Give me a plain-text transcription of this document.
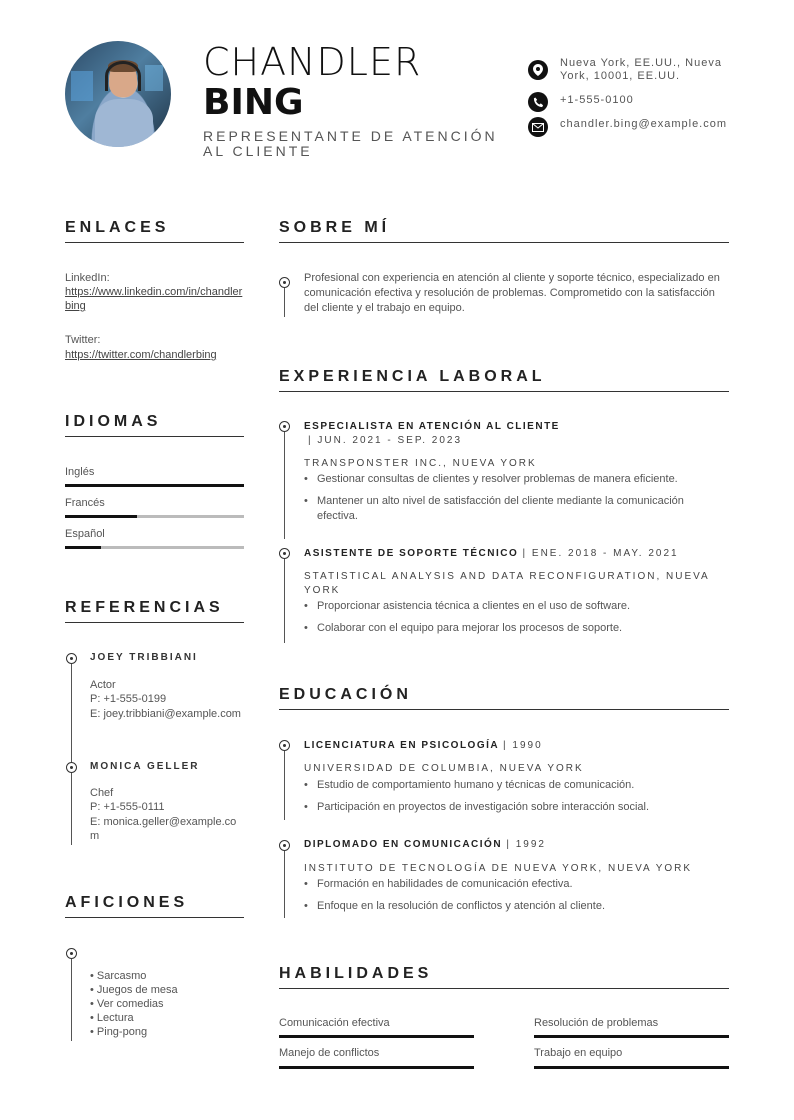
CHANDLER
BING
REPRESENTANTE DE ATENCIÓN AL CLIENTE
Nueva York, EE.UU., Nueva York, 10001, EE.UU.
+1-555-0100
chandler.bing@example.com
ENLACES
LinkedIn:
https://www.linkedin.com/in/chandlerbing
Twitter:
https://twitter.com/chandlerbing
IDIOMAS
Inglés
Francés
Español
REFERENCIAS
JOEY TRIBBIANI
Actor
P: +1-555-0199
E: joey.tribbiani@example.com
MONICA GELLER
Chef
P: +1-555-0111
E: monica.geller@example.com
AFICIONES
• Sarcasmo
• Juegos de mesa
• Ver comedias
• Lectura
• Ping-pong
SOBRE MÍ
Profesional con experiencia en atención al cliente y soporte técnico, especializado en comunicación efectiva y resolución de problemas. Comprometido con la satisfacción del cliente y el trabajo en equipo.
EXPERIENCIA LABORAL
ESPECIALISTA EN ATENCIÓN AL CLIENTE
| JUN. 2021 - SEP. 2023
TRANSPONSTER INC., NUEVA YORK
• Gestionar consultas de clientes y resolver problemas de manera eficiente.
• Mantener un alto nivel de satisfacción del cliente mediante la comunicación efectiva.
ASISTENTE DE SOPORTE TÉCNICO | ENE. 2018 - MAY. 2021
STATISTICAL ANALYSIS AND DATA RECONFIGURATION, NUEVA YORK
• Proporcionar asistencia técnica a clientes en el uso de software.
• Colaborar con el equipo para mejorar los procesos de soporte.
EDUCACIÓN
LICENCIATURA EN PSICOLOGÍA | 1990
UNIVERSIDAD DE COLUMBIA, NUEVA YORK
• Estudio de comportamiento humano y técnicas de comunicación.
• Participación en proyectos de investigación sobre interacción social.
DIPLOMADO EN COMUNICACIÓN | 1992
INSTITUTO DE TECNOLOGÍA DE NUEVA YORK, NUEVA YORK
• Formación en habilidades de comunicación efectiva.
• Enfoque en la resolución de conflictos y atención al cliente.
HABILIDADES
Comunicación efectiva	Resolución de problemas
Manejo de conflictos	Trabajo en equipo
